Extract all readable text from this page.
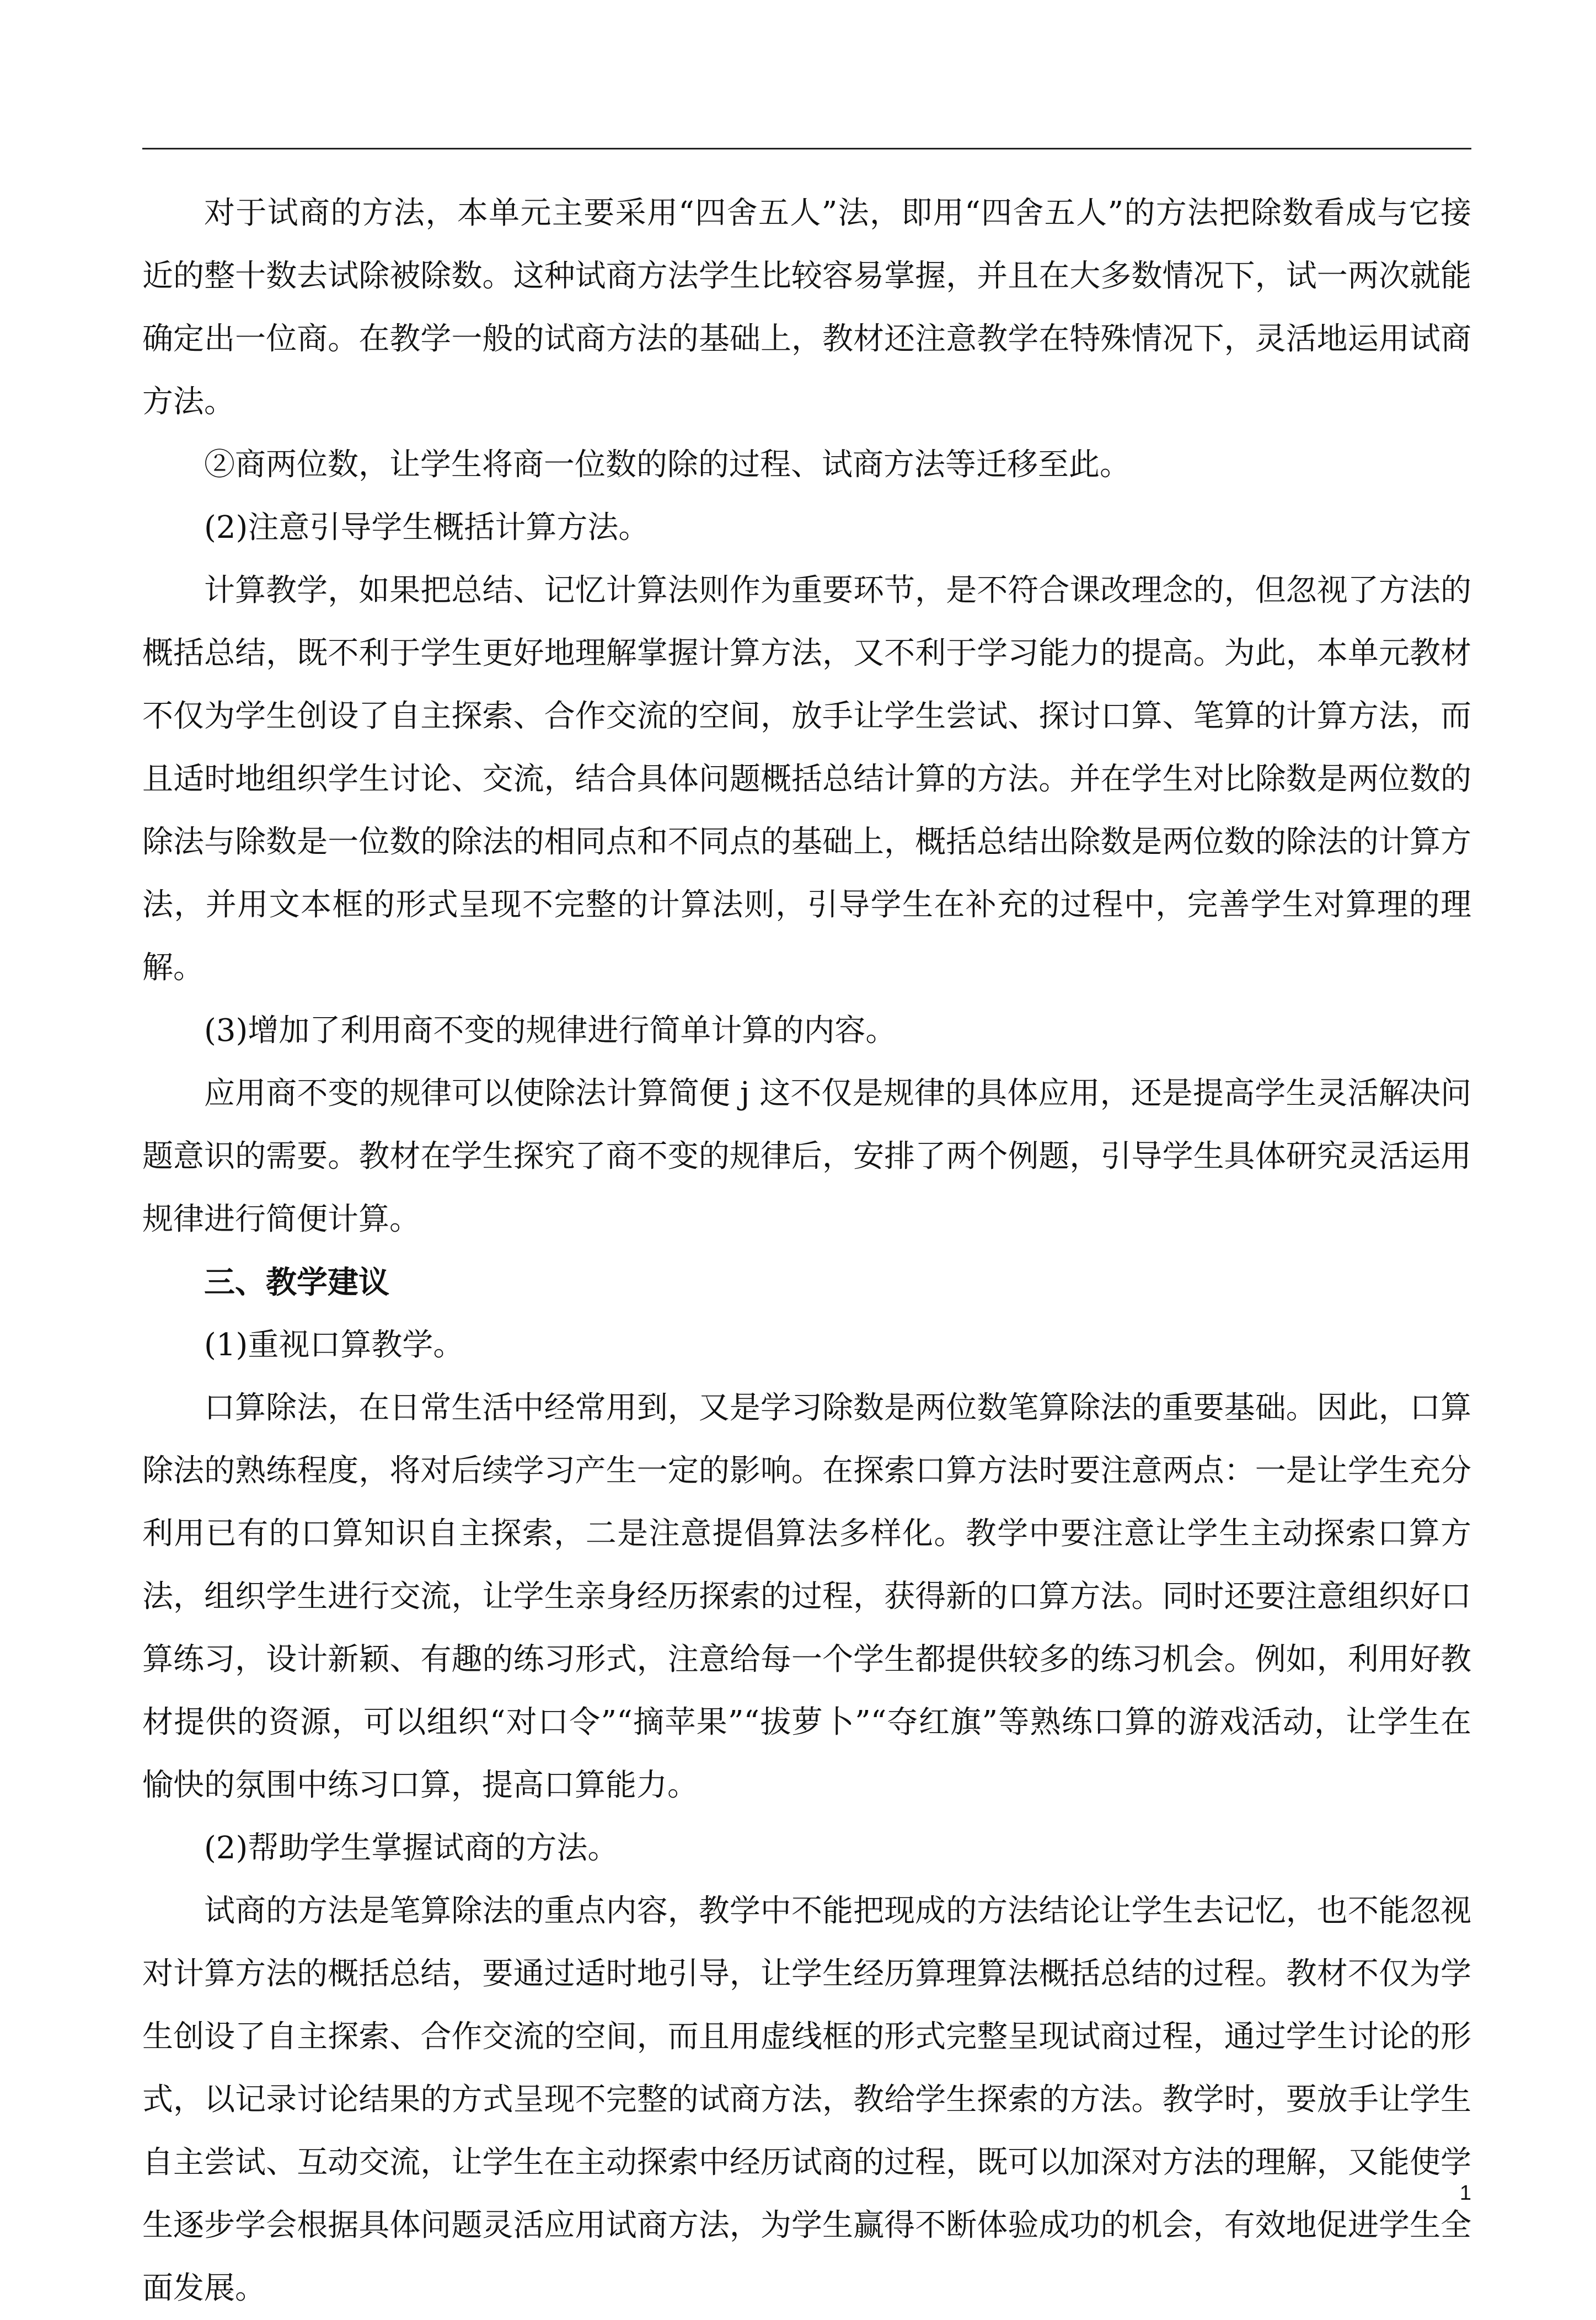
对于试商的方法，本单元主要采用“四舍五人”法，即用“四舍五人”的方法把除数看成与它接近的整十数去试除被除数。这种试商方法学生比较容易掌握，并且在大多数情况下，试一两次就能确定出一位商。在教学一般的试商方法的基础上，教材还注意教学在特殊情况下，灵活地运用试商方法。

②商两位数，让学生将商一位数的除的过程、试商方法等迁移至此。

(2)注意引导学生概括计算方法。

计算教学，如果把总结、记忆计算法则作为重要环节，是不符合课改理念的，但忽视了方法的概括总结，既不利于学生更好地理解掌握计算方法，又不利于学习能力的提高。为此，本单元教材不仅为学生创设了自主探索、合作交流的空间，放手让学生尝试、探讨口算、笔算的计算方法，而且适时地组织学生讨论、交流，结合具体问题概括总结计算的方法。并在学生对比除数是两位数的除法与除数是一位数的除法的相同点和不同点的基础上，概括总结出除数是两位数的除法的计算方法，并用文本框的形式呈现不完整的计算法则，引导学生在补充的过程中，完善学生对算理的理解。

(3)增加了利用商不变的规律进行简单计算的内容。

应用商不变的规律可以使除法计算简便 j 这不仅是规律的具体应用，还是提高学生灵活解决问题意识的需要。教材在学生探究了商不变的规律后，安排了两个例题，引导学生具体研究灵活运用规律进行简便计算。

三、教学建议

(1)重视口算教学。

口算除法，在日常生活中经常用到，又是学习除数是两位数笔算除法的重要基础。因此，口算除法的熟练程度，将对后续学习产生一定的影响。在探索口算方法时要注意两点：一是让学生充分利用已有的口算知识自主探索，二是注意提倡算法多样化。教学中要注意让学生主动探索口算方法，组织学生进行交流，让学生亲身经历探索的过程，获得新的口算方法。同时还要注意组织好口算练习，设计新颖、有趣的练习形式，注意给每一个学生都提供较多的练习机会。例如，利用好教材提供的资源，可以组织“对口令”“摘苹果”“拔萝卜”“夺红旗”等熟练口算的游戏活动，让学生在愉快的氛围中练习口算，提高口算能力。

(2)帮助学生掌握试商的方法。

试商的方法是笔算除法的重点内容，教学中不能把现成的方法结论让学生去记忆，也不能忽视对计算方法的概括总结，要通过适时地引导，让学生经历算理算法概括总结的过程。教材不仅为学生创设了自主探索、合作交流的空间，而且用虚线框的形式完整呈现试商过程，通过学生讨论的形式，以记录讨论结果的方式呈现不完整的试商方法，教给学生探索的方法。教学时，要放手让学生自主尝试、互动交流，让学生在主动探索中经历试商的过程，既可以加深对方法的理解，又能使学生逐步学会根据具体问题灵活应用试商方法，为学生赢得不断体验成功的机会，有效地促进学生全面发展。

1
